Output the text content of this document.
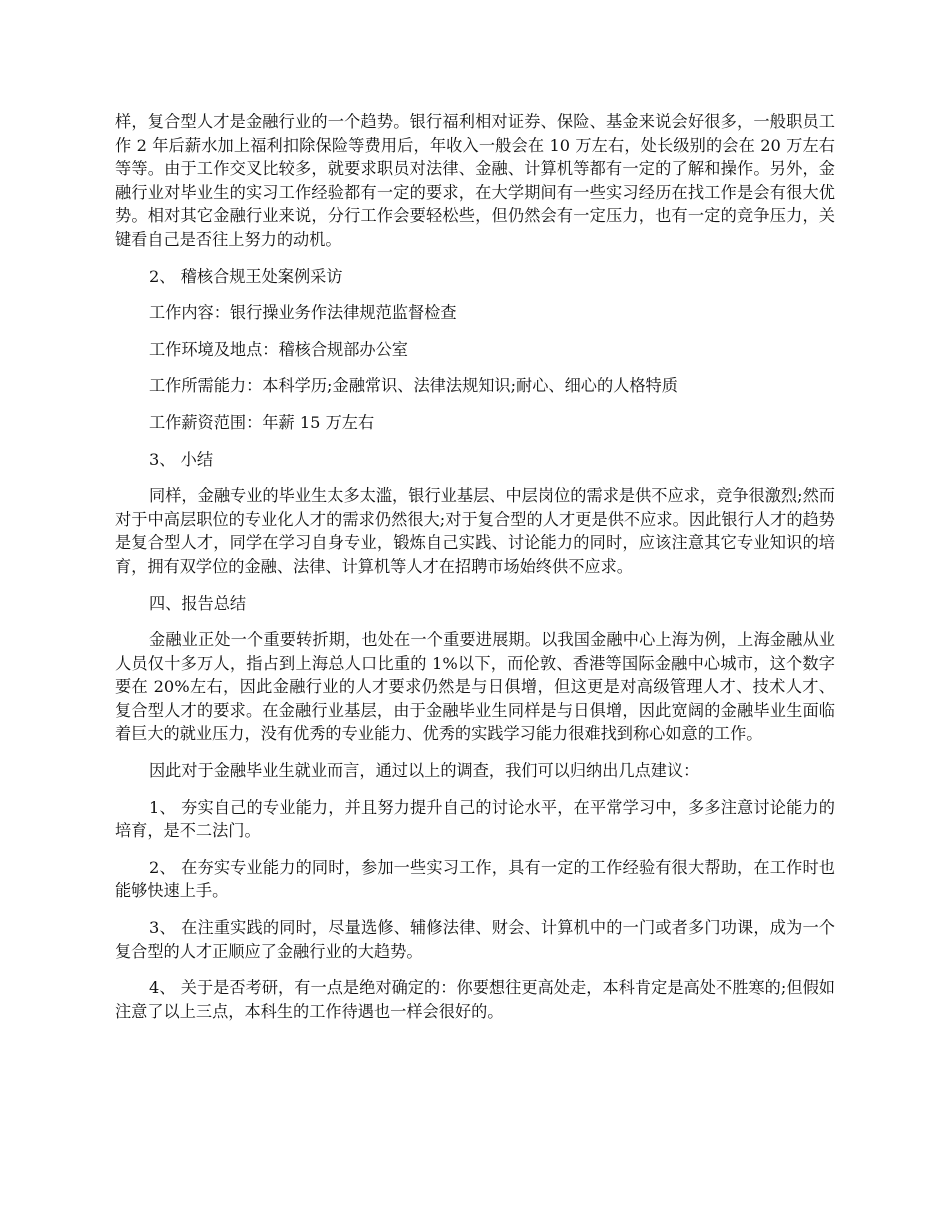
样，复合型人才是金融行业的一个趋势。银行福利相对证券、保险、基金来说会好很多，一般职员工作 2 年后薪水加上福利扣除保险等费用后，年收入一般会在 10 万左右，处长级别的会在 20 万左右等等。由于工作交叉比较多，就要求职员对法律、金融、计算机等都有一定的了解和操作。另外，金融行业对毕业生的实习工作经验都有一定的要求，在大学期间有一些实习经历在找工作是会有很大优势。相对其它金融行业来说，分行工作会要轻松些，但仍然会有一定压力，也有一定的竞争压力，关键看自己是否往上努力的动机。

2、 稽核合规王处案例采访

工作内容：银行操业务作法律规范监督检查

工作环境及地点：稽核合规部办公室

工作所需能力：本科学历;金融常识、法律法规知识;耐心、细心的人格特质

工作薪资范围：年薪 15 万左右

3、 小结

同样，金融专业的毕业生太多太滥，银行业基层、中层岗位的需求是供不应求，竞争很激烈;然而对于中高层职位的专业化人才的需求仍然很大;对于复合型的人才更是供不应求。因此银行人才的趋势是复合型人才，同学在学习自身专业，锻炼自己实践、讨论能力的同时，应该注意其它专业知识的培育，拥有双学位的金融、法律、计算机等人才在招聘市场始终供不应求。

四、报告总结

金融业正处一个重要转折期，也处在一个重要进展期。以我国金融中心上海为例，上海金融从业人员仅十多万人，指占到上海总人口比重的 1%以下，而伦敦、香港等国际金融中心城市，这个数字要在 20%左右，因此金融行业的人才要求仍然是与日俱增，但这更是对高级管理人才、技术人才、复合型人才的要求。在金融行业基层，由于金融毕业生同样是与日俱增，因此宽阔的金融毕业生面临着巨大的就业压力，没有优秀的专业能力、优秀的实践学习能力很难找到称心如意的工作。

因此对于金融毕业生就业而言，通过以上的调查，我们可以归纳出几点建议：

1、 夯实自己的专业能力，并且努力提升自己的讨论水平，在平常学习中，多多注意讨论能力的培育，是不二法门。

2、 在夯实专业能力的同时，参加一些实习工作，具有一定的工作经验有很大帮助，在工作时也能够快速上手。

3、 在注重实践的同时，尽量选修、辅修法律、财会、计算机中的一门或者多门功课，成为一个复合型的人才正顺应了金融行业的大趋势。

4、 关于是否考研，有一点是绝对确定的：你要想往更高处走，本科肯定是高处不胜寒的;但假如注意了以上三点，本科生的工作待遇也一样会很好的。
